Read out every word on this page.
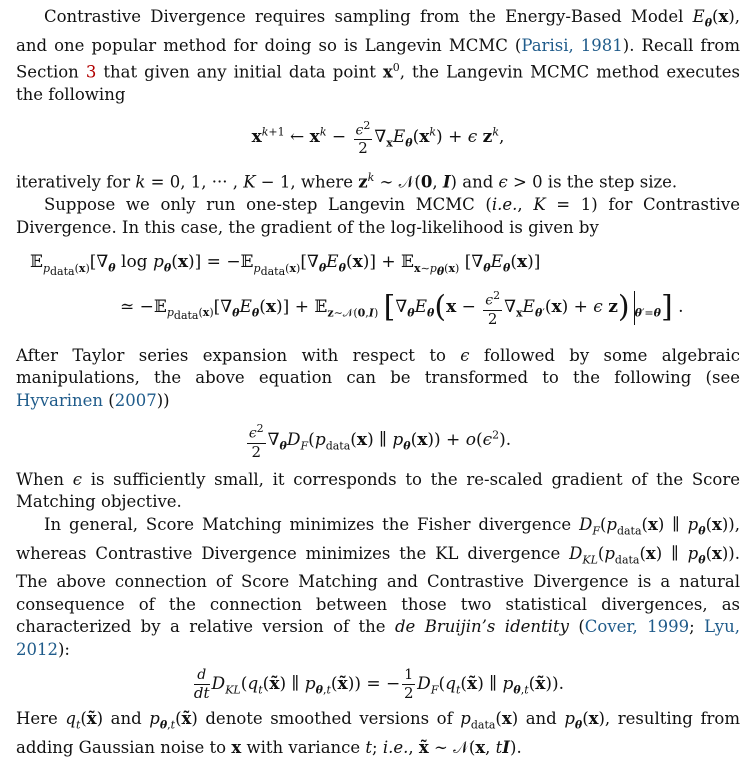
Contrastive Divergence requires sampling from the Energy-Based Model $E_\theta(x)$, and one popular method for doing so is Langevin MCMC (Parisi, 1981). Recall from Section 3 that given any initial data point $x^0$, the Langevin MCMC method executes the following

$x^{k+1}$ ← $x^k - \frac{\epsilon^2}{2} \nabla_xE_\theta(x^k) + \epsilon$ $z^k$,

iteratively for k = 0, 1, ··· , K − 1, where $z^k$ ∼ 𝒩(0, I) and ϵ > 0 is the step size.

Suppose we only run one-step Langevin MCMC (i.e., K = 1) for Contrastive Divergence. In this case, the gradient of the log-likelihood is given by

$𝔼_{p_{data}(x)}[\nabla_\theta$ $\log p_\theta(x)$] = $-𝔼_{p_{data}(x)}[\nabla_\theta E_\theta(x)]$ + 𝔼$_{x\sim p_\theta(x)}$ $[\nabla_\theta E_\theta(x)]$
≃ $-𝔼_{p_{data}(x)}[\nabla_\theta E_\theta(x)]$ + 𝔼$_{z\sim 𝒩(0,I)}$ [$\nabla_\theta E_\theta(x - \frac{\epsilon^2}{2} \nabla_xE_{\theta'}(x) + \epsilon$ z) $_{\theta'=\theta}$] .

After Taylor series expansion with respect to ϵ followed by some algebraic manipulations, the above equation can be transformed to the following (see Hyvarinen (2007))

$\frac{\epsilon^2}{2} \nabla_\theta D_F(p_{data}(x)$ ∥ $p_\theta(x)) + o(\epsilon^2)$.

When ϵ is sufficiently small, it corresponds to the re-scaled gradient of the Score Matching objective.

In general, Score Matching minimizes the Fisher divergence $D_F(p_{data}(x)$ ∥ $p_\theta(x)$), whereas Contrastive Divergence minimizes the KL divergence $D_{KL}(p_{data}(x)$ ∥ $p_\theta(x)$). The above connection of Score Matching and Contrastive Divergence is a natural consequence of the connection between those two statistical divergences, as characterized by a relative version of the de Bruijin’s identity (Cover, 1999; Lyu, 2012):

$\frac{d}{dt}$ $D_{KL}(q_t(x̃)$ ∥ $p_{\theta,t}(x̃)$) = − $\frac{1}{2}$ $D_F(q_t(x̃)$ ∥ $p_{\theta,t}(x̃)$).

Here $q_t(x̃)$ and $p_{\theta,t}(x̃)$ denote smoothed versions of $p_{data}(x)$ and $p_\theta(x)$, resulting from adding Gaussian noise to x with variance t; i.e., x̃ ∼ 𝒩(x, tI).
